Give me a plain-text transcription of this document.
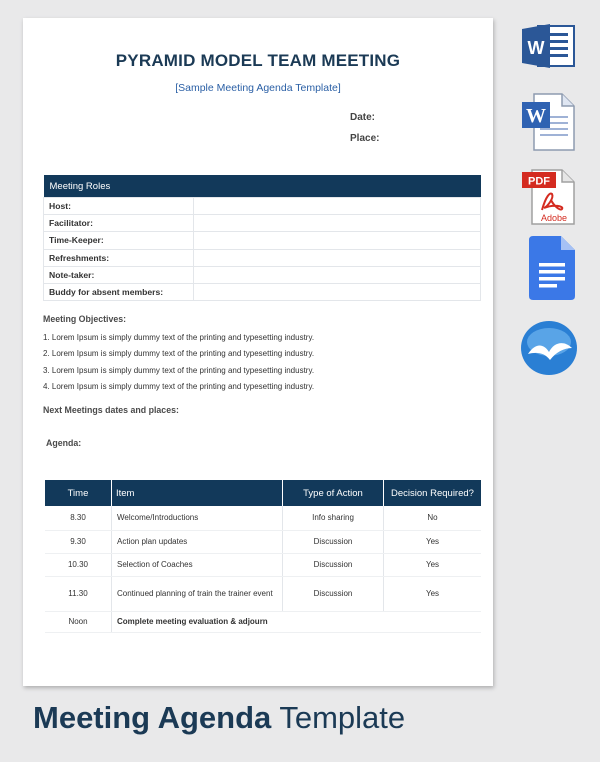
PYRAMID MODEL TEAM MEETING
[Sample Meeting Agenda Template]
Date:
Place:
Meeting Roles	
Host:	
Facilitator:	
Time-Keeper:	
Refreshments:	
Note-taker:	
Buddy for absent members:	
Meeting Objectives:
1. Lorem Ipsum is simply dummy text of the printing and typesetting industry.
2. Lorem Ipsum is simply dummy text of the printing and typesetting industry.
3. Lorem Ipsum is simply dummy text of the printing and typesetting industry.
4. Lorem Ipsum is simply dummy text of the printing and typesetting industry.
Next Meetings dates and places:
Agenda:
Time	Item	Type of Action	Decision Required?
8.30	Welcome/Introductions	Info sharing	No
9.30	Action plan updates	Discussion	Yes
10.30	Selection of Coaches	Discussion	Yes
11.30	Continued planning of train the trainer event	Discussion	Yes
Noon	Complete meeting evaluation & adjourn		
W
W
PDF
Adobe
Meeting Agenda Template
